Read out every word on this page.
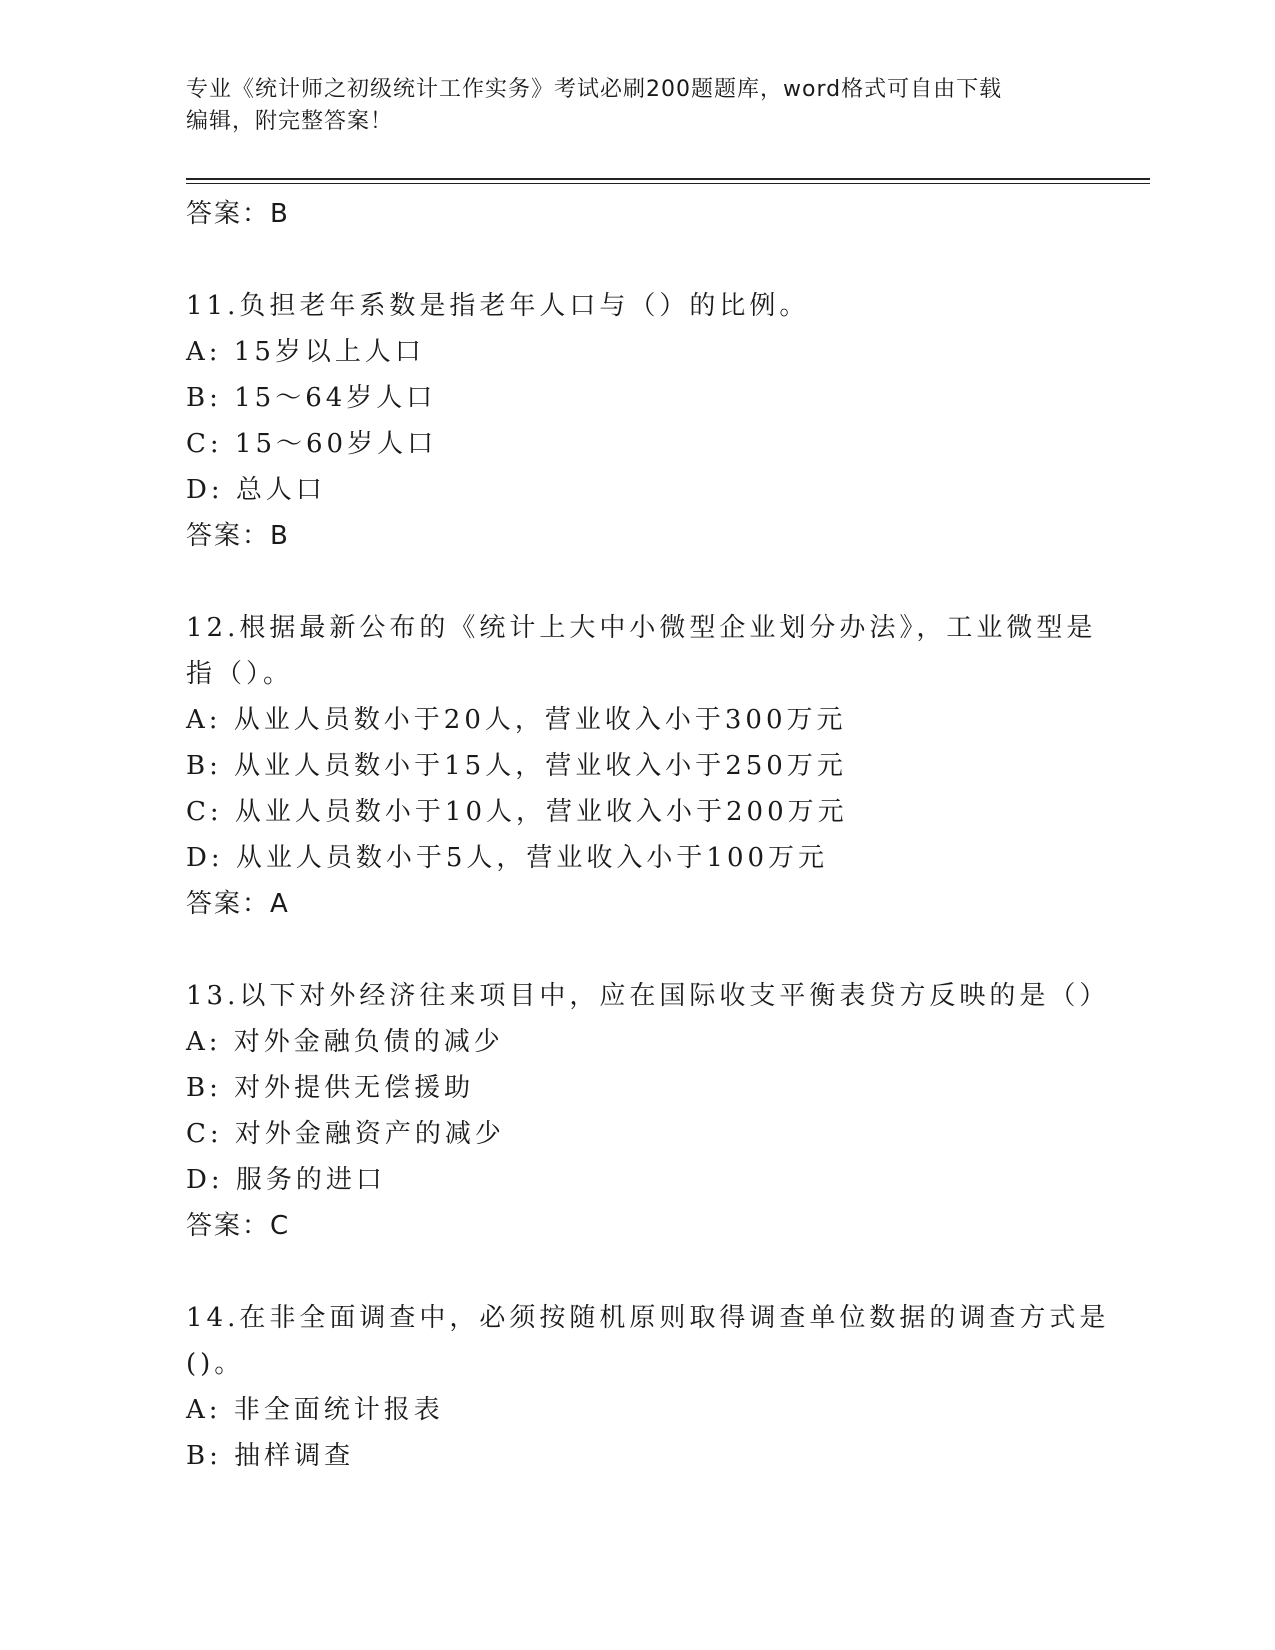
专业《统计师之初级统计工作实务》考试必刷200题题库，word格式可自由下载
编辑，附完整答案！
答案：B
11.负担老年系数是指老年人口与（）的比例。
A: 15岁以上人口
B: 15～64岁人口
C: 15～60岁人口
D: 总人口
答案：B
12.根据最新公布的《统计上大中小微型企业划分办法》，工业微型是
指（）。
A: 从业人员数小于20人，营业收入小于300万元
B: 从业人员数小于15人，营业收入小于250万元
C: 从业人员数小于10人，营业收入小于200万元
D: 从业人员数小于5人，营业收入小于100万元
答案：A
13.以下对外经济往来项目中，应在国际收支平衡表贷方反映的是（）
A: 对外金融负债的减少
B: 对外提供无偿援助
C: 对外金融资产的减少
D: 服务的进口
答案：C
14.在非全面调查中，必须按随机原则取得调查单位数据的调查方式是
()。
A: 非全面统计报表
B: 抽样调查
